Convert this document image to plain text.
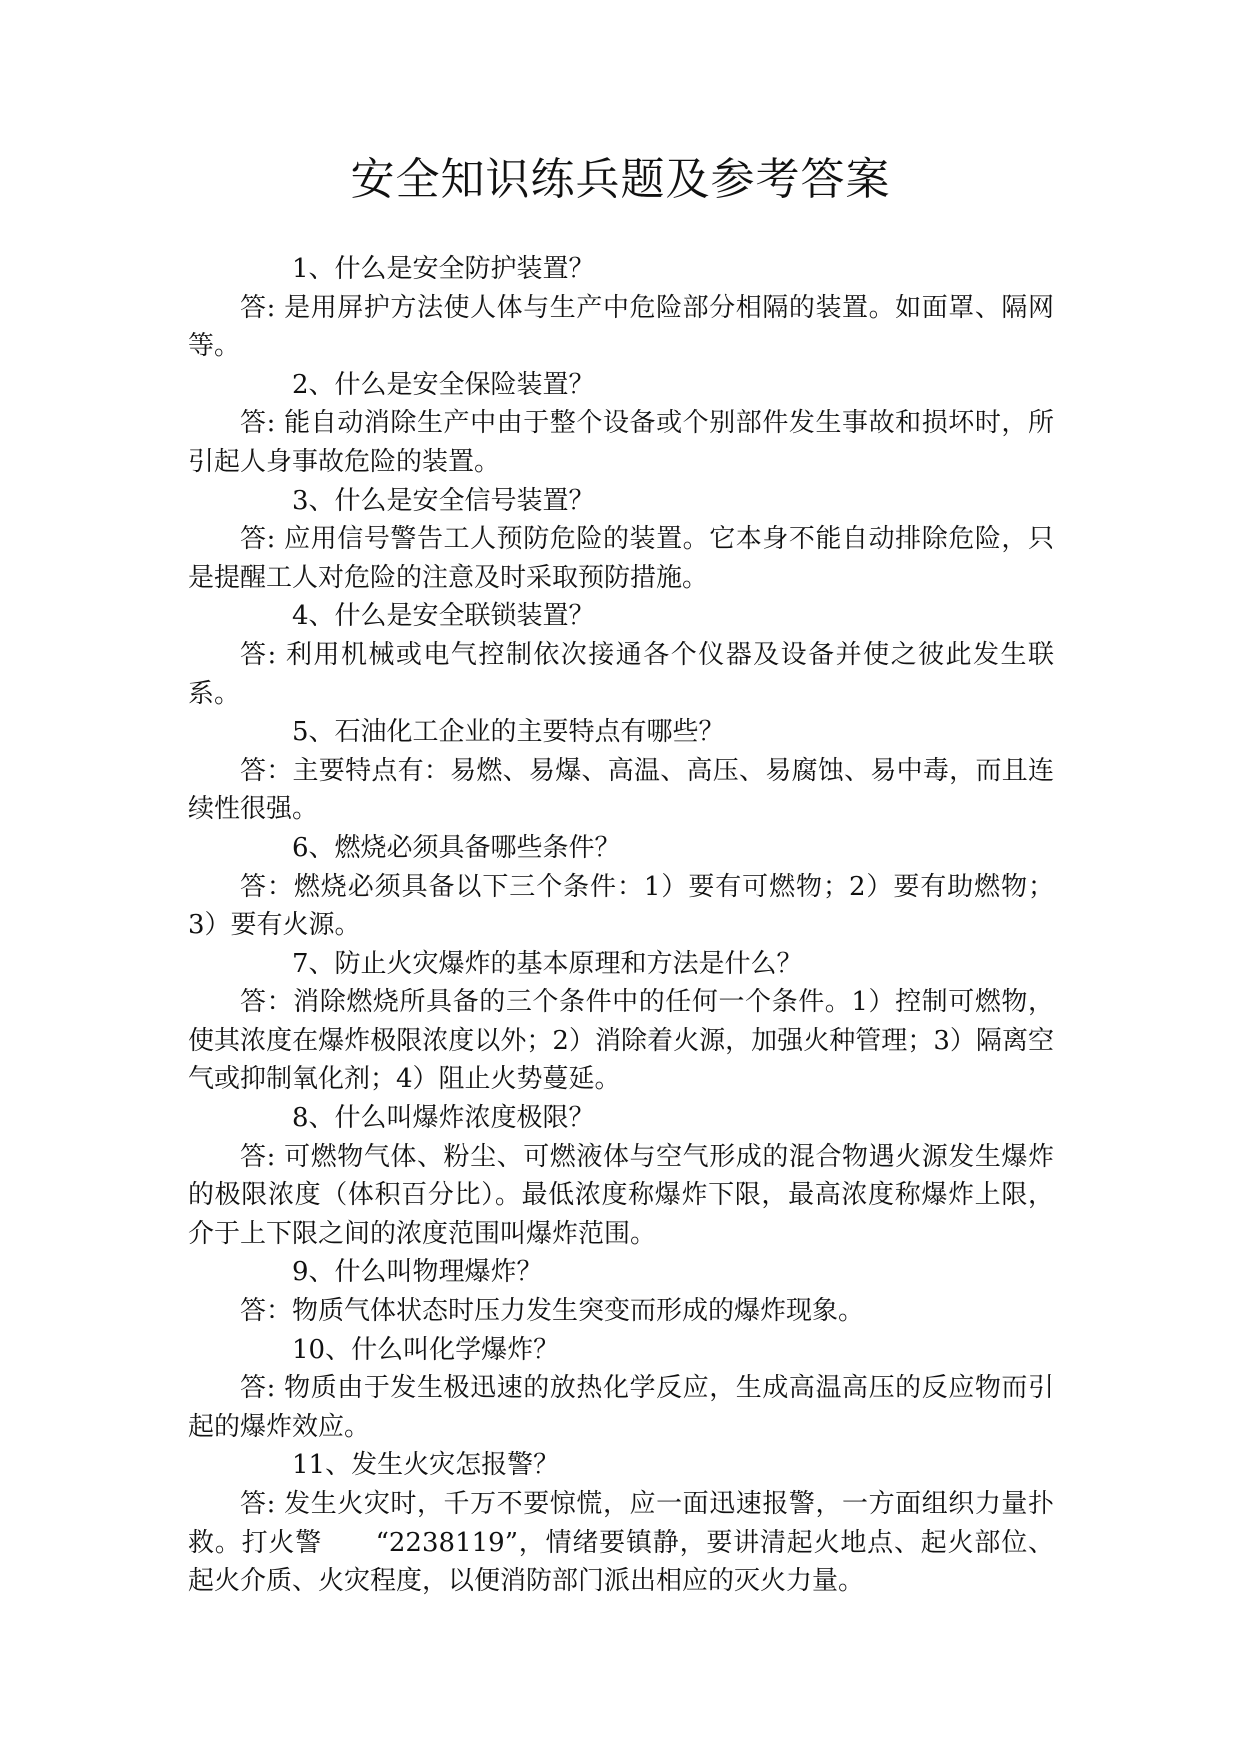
安全知识练兵题及参考答案

1、什么是安全防护装置？

答: 是用屏护方法使人体与生产中危险部分相隔的装置。如面罩、隔网等。

2、什么是安全保险装置？

答: 能自动消除生产中由于整个设备或个别部件发生事故和损坏时，所引起人身事故危险的装置。

3、什么是安全信号装置？

答: 应用信号警告工人预防危险的装置。它本身不能自动排除危险，只是提醒工人对危险的注意及时采取预防措施。

4、什么是安全联锁装置？

答: 利用机械或电气控制依次接通各个仪器及设备并使之彼此发生联系。

5、石油化工企业的主要特点有哪些？

答：主要特点有：易燃、易爆、高温、高压、易腐蚀、易中毒，而且连续性很强。

6、燃烧必须具备哪些条件？

答：燃烧必须具备以下三个条件：1）要有可燃物；2）要有助燃物；3）要有火源。

7、防止火灾爆炸的基本原理和方法是什么？

答：消除燃烧所具备的三个条件中的任何一个条件。1）控制可燃物，使其浓度在爆炸极限浓度以外；2）消除着火源，加强火种管理；3）隔离空气或抑制氧化剂；4）阻止火势蔓延。

8、什么叫爆炸浓度极限？

答: 可燃物气体、粉尘、可燃液体与空气形成的混合物遇火源发生爆炸的极限浓度（体积百分比）。最低浓度称爆炸下限，最高浓度称爆炸上限，介于上下限之间的浓度范围叫爆炸范围。

9、什么叫物理爆炸？

答：物质气体状态时压力发生突变而形成的爆炸现象。

10、什么叫化学爆炸？

答: 物质由于发生极迅速的放热化学反应，生成高温高压的反应物而引起的爆炸效应。

11、发生火灾怎报警？

答: 发生火灾时，千万不要惊慌，应一面迅速报警，一方面组织力量扑救。打火警　　“2238119”，情绪要镇静，要讲清起火地点、起火部位、起火介质、火灾程度，以便消防部门派出相应的灭火力量。
